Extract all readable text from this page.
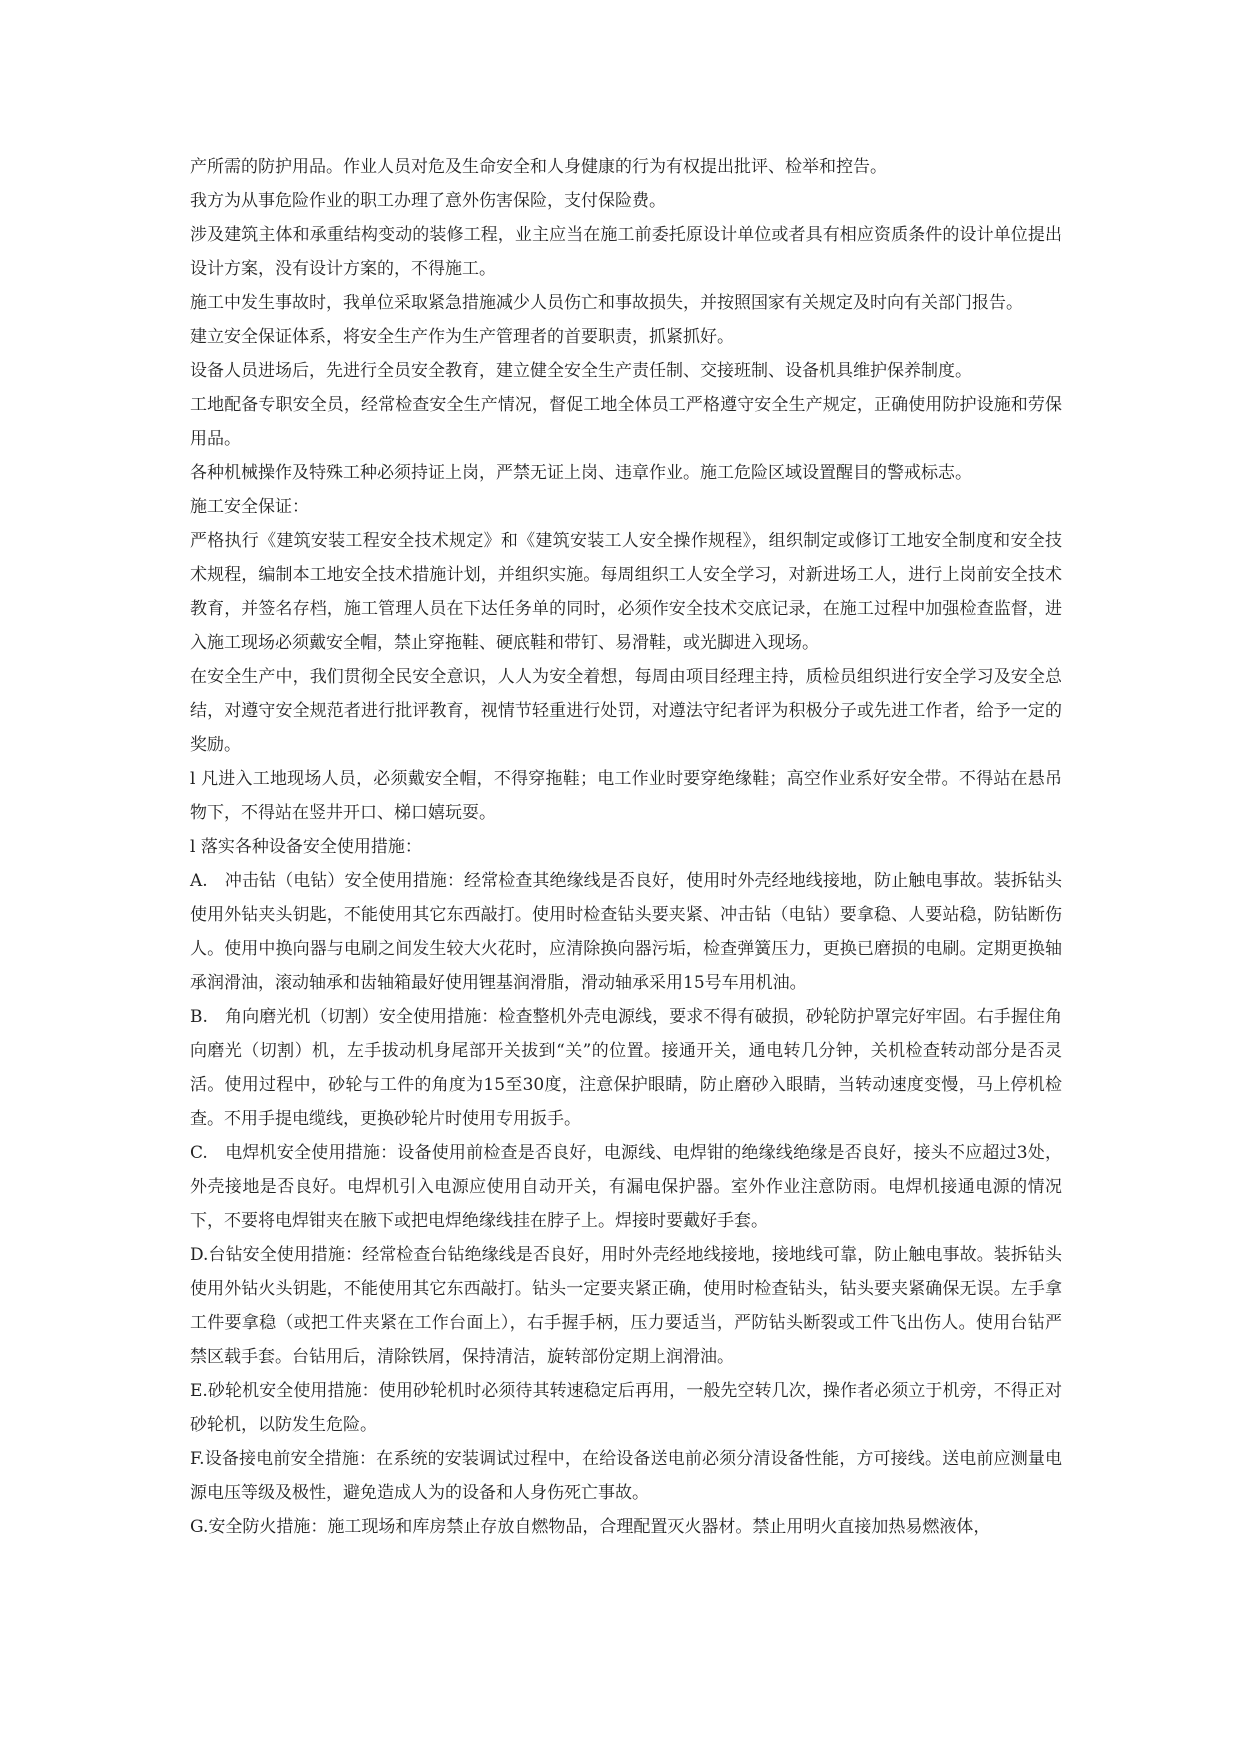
产所需的防护用品。作业人员对危及生命安全和人身健康的行为有权提出批评、检举和控告。

我方为从事危险作业的职工办理了意外伤害保险，支付保险费。

涉及建筑主体和承重结构变动的装修工程，业主应当在施工前委托原设计单位或者具有相应资质条件的设计单位提出设计方案，没有设计方案的，不得施工。

施工中发生事故时，我单位采取紧急措施减少人员伤亡和事故损失，并按照国家有关规定及时向有关部门报告。

建立安全保证体系，将安全生产作为生产管理者的首要职责，抓紧抓好。

设备人员进场后，先进行全员安全教育，建立健全安全生产责任制、交接班制、设备机具维护保养制度。

工地配备专职安全员，经常检查安全生产情况，督促工地全体员工严格遵守安全生产规定，正确使用防护设施和劳保用品。

各种机械操作及特殊工种必须持证上岗，严禁无证上岗、违章作业。施工危险区域设置醒目的警戒标志。

施工安全保证：

严格执行《建筑安装工程安全技术规定》和《建筑安装工人安全操作规程》，组织制定或修订工地安全制度和安全技术规程，编制本工地安全技术措施计划，并组织实施。每周组织工人安全学习，对新进场工人，进行上岗前安全技术教育，并签名存档，施工管理人员在下达任务单的同时，必须作安全技术交底记录，在施工过程中加强检查监督，进入施工现场必须戴安全帽，禁止穿拖鞋、硬底鞋和带钉、易滑鞋，或光脚进入现场。

在安全生产中，我们贯彻全民安全意识，人人为安全着想，每周由项目经理主持，质检员组织进行安全学习及安全总结，对遵守安全规范者进行批评教育，视情节轻重进行处罚，对遵法守纪者评为积极分子或先进工作者，给予一定的奖励。

l 凡进入工地现场人员，必须戴安全帽，不得穿拖鞋；电工作业时要穿绝缘鞋；高空作业系好安全带。不得站在悬吊物下，不得站在竖井开口、梯口嬉玩耍。

l 落实各种设备安全使用措施：

A.　冲击钻（电钻）安全使用措施：经常检查其绝缘线是否良好，使用时外壳经地线接地，防止触电事故。装拆钻头使用外钻夹头钥匙，不能使用其它东西敲打。使用时检查钻头要夹紧、冲击钻（电钻）要拿稳、人要站稳，防钻断伤人。使用中换向器与电刷之间发生较大火花时，应清除换向器污垢，检查弹簧压力，更换已磨损的电刷。定期更换轴承润滑油，滚动轴承和齿轴箱最好使用锂基润滑脂，滑动轴承采用15号车用机油。

B.　角向磨光机（切割）安全使用措施：检查整机外壳电源线，要求不得有破损，砂轮防护罩完好牢固。右手握住角向磨光（切割）机，左手拔动机身尾部开关拔到“关”的位置。接通开关，通电转几分钟，关机检查转动部分是否灵活。使用过程中，砂轮与工件的角度为15至30度，注意保护眼睛，防止磨砂入眼睛，当转动速度变慢，马上停机检查。不用手提电缆线，更换砂轮片时使用专用扳手。

C.　电焊机安全使用措施：设备使用前检查是否良好，电源线、电焊钳的绝缘线绝缘是否良好，接头不应超过3处，外壳接地是否良好。电焊机引入电源应使用自动开关，有漏电保护器。室外作业注意防雨。电焊机接通电源的情况下，不要将电焊钳夹在腋下或把电焊绝缘线挂在脖子上。焊接时要戴好手套。

D.台钻安全使用措施：经常检查台钻绝缘线是否良好，用时外壳经地线接地，接地线可靠，防止触电事故。装拆钻头使用外钻火头钥匙，不能使用其它东西敲打。钻头一定要夹紧正确，使用时检查钻头，钻头要夹紧确保无误。左手拿工件要拿稳（或把工件夹紧在工作台面上），右手握手柄，压力要适当，严防钻头断裂或工件飞出伤人。使用台钻严禁区载手套。台钻用后，清除铁屑，保持清洁，旋转部份定期上润滑油。

E.砂轮机安全使用措施：使用砂轮机时必须待其转速稳定后再用，一般先空转几次，操作者必须立于机旁，不得正对砂轮机，以防发生危险。

F.设备接电前安全措施：在系统的安装调试过程中，在给设备送电前必须分清设备性能，方可接线。送电前应测量电源电压等级及极性，避免造成人为的设备和人身伤死亡事故。

G.安全防火措施：施工现场和库房禁止存放自燃物品，合理配置灭火器材。禁止用明火直接加热易燃液体，
